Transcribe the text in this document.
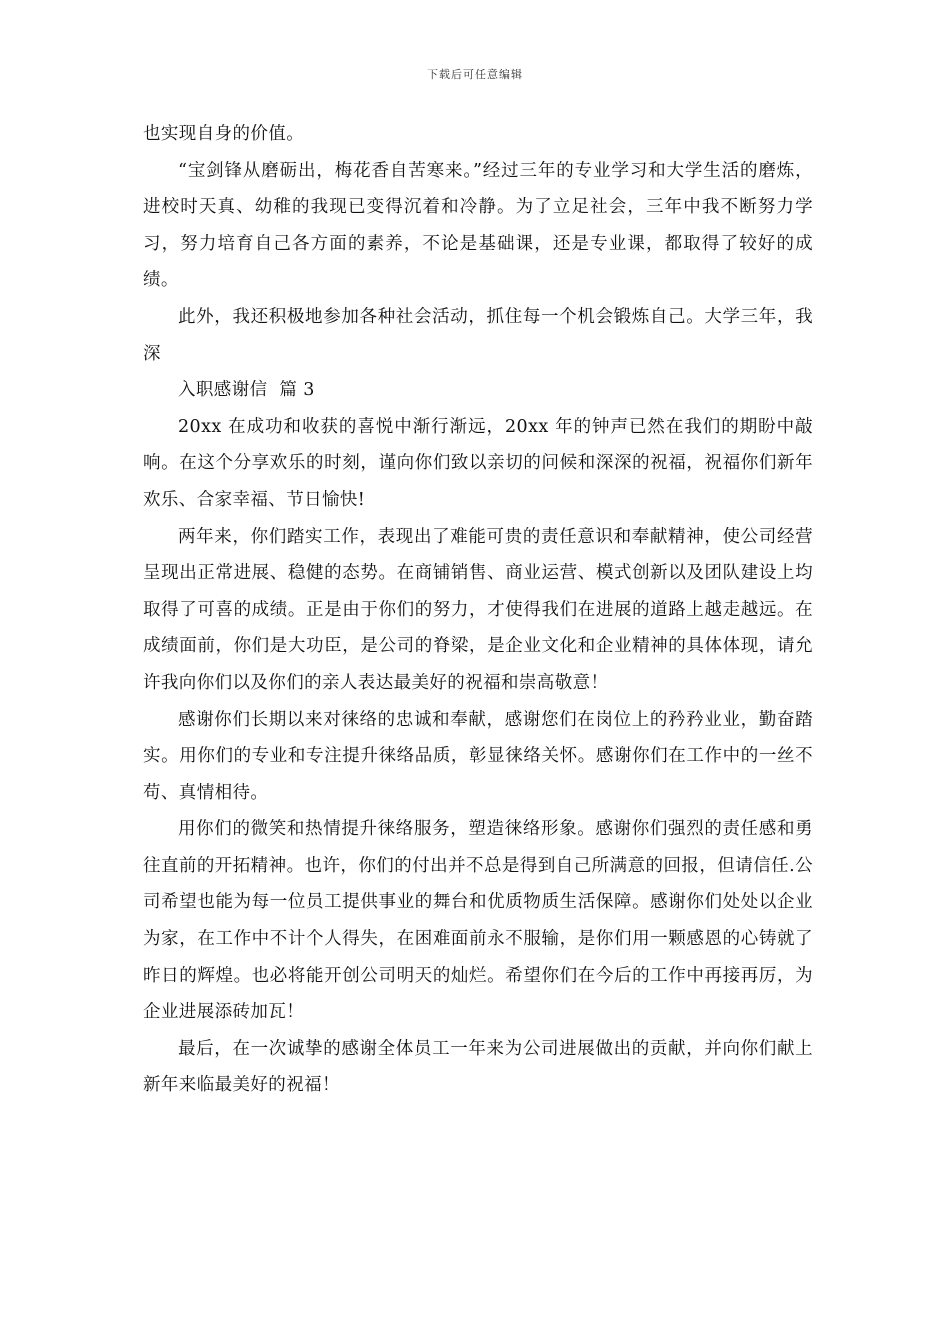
下载后可任意编辑

也实现自身的价值。

“宝剑锋从磨砺出，梅花香自苦寒来。”经过三年的专业学习和大学生活的磨炼，进校时天真、幼稚的我现已变得沉着和冷静。为了立足社会，三年中我不断努力学习，努力培育自己各方面的素养，不论是基础课，还是专业课，都取得了较好的成绩。

此外，我还积极地参加各种社会活动，抓住每一个机会锻炼自己。大学三年，我深

入职感谢信  篇 3

20xx 在成功和收获的喜悦中渐行渐远，20xx 年的钟声已然在我们的期盼中敲响。在这个分享欢乐的时刻，谨向你们致以亲切的问候和深深的祝福，祝福你们新年欢乐、合家幸福、节日愉快!

两年来，你们踏实工作，表现出了难能可贵的责任意识和奉献精神，使公司经营呈现出正常进展、稳健的态势。在商铺销售、商业运营、模式创新以及团队建设上均取得了可喜的成绩。正是由于你们的努力，才使得我们在进展的道路上越走越远。在成绩面前，你们是大功臣，是公司的脊梁，是企业文化和企业精神的具体体现，请允许我向你们以及你们的亲人表达最美好的祝福和崇高敬意！

感谢你们长期以来对徕络的忠诚和奉献，感谢您们在岗位上的矜矜业业，勤奋踏实。用你们的专业和专注提升徕络品质，彰显徕络关怀。感谢你们在工作中的一丝不苟、真情相待。

用你们的微笑和热情提升徕络服务，塑造徕络形象。感谢你们强烈的责任感和勇往直前的开拓精神。也许，你们的付出并不总是得到自己所满意的回报，但请信任.公司希望也能为每一位员工提供事业的舞台和优质物质生活保障。感谢你们处处以企业为家，在工作中不计个人得失，在困难面前永不服输，是你们用一颗感恩的心铸就了昨日的辉煌。也必将能开创公司明天的灿烂。希望你们在今后的工作中再接再厉，为企业进展添砖加瓦！

最后，在一次诚挚的感谢全体员工一年来为公司进展做出的贡献，并向你们献上新年来临最美好的祝福！
